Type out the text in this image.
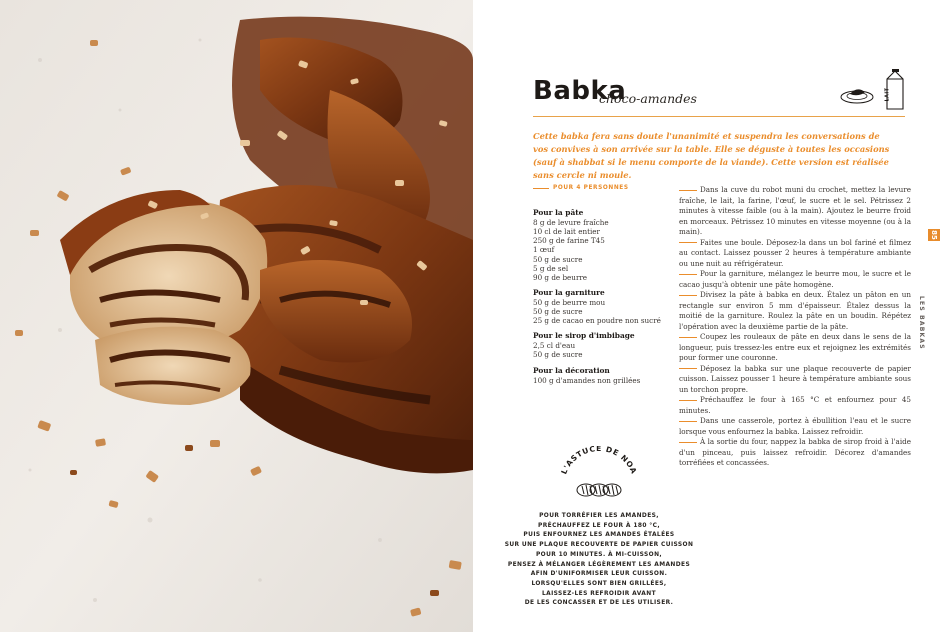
Babka
choco-amandes	LAIT
Cette babka fera sans doute l'unanimité et suspendra les conversations de vos convives à son arrivée sur la table. Elle se déguste à toutes les occasions (sauf à shabbat si le menu comporte de la viande). Cette version est réalisée sans cercle ni moule.
POUR 4 PERSONNES
Pour la pâte
8 g de levure fraîche
10 cl de lait entier
250 g de farine T45
1 œuf
50 g de sucre
5 g de sel
90 g de beurre
Pour la garniture
50 g de beurre mou
50 g de sucre
25 g de cacao en poudre non sucré
Pour le sirop d'imbibage
2,5 cl d'eau
50 g de sucre
Pour la décoration
100 g d'amandes non grillées

Dans la cuve du robot muni du crochet, mettez la levure fraîche, le lait, la farine, l'œuf, le sucre et le sel. Pétrissez 2 minutes à vitesse faible (ou à la main). Ajoutez le beurre froid en morceaux. Pétrissez 10 minutes en vitesse moyenne (ou à la main).

Faites une boule. Déposez-la dans un bol fariné et filmez au contact. Laissez pousser 2 heures à température ambiante ou une nuit au réfrigérateur.

Pour la garniture, mélangez le beurre mou, le sucre et le cacao jusqu'à obtenir une pâte homogène.

Divisez la pâte à babka en deux. Étalez un pâton en un rectangle sur environ 5 mm d'épaisseur. Étalez dessus la moitié de la garniture. Roulez la pâte en un boudin. Répétez l'opération avec la deuxième partie de la pâte.

Coupez les rouleaux de pâte en deux dans le sens de la longueur, puis tressez-les entre eux et rejoignez les extrémités pour former une couronne.

Déposez la babka sur une plaque recouverte de papier cuisson. Laissez pousser 1 heure à température ambiante sous un torchon propre.

Préchauffez le four à 165 °C et enfournez pour 45 minutes.

Dans une casserole, portez à ébullition l'eau et le sucre lorsque vous enfournez la babka. Laissez refroidir.

À la sortie du four, nappez la babka de sirop froid à l'aide d'un pinceau, puis laissez refroidir. Décorez d'amandes torréfiées et concassées.

L'ASTUCE DE NOA
POUR TORRÉFIER LES AMANDES,
PRÉCHAUFFEZ LE FOUR À 180 °C,
PUIS ENFOURNEZ LES AMANDES ÉTALÉES
SUR UNE PLAQUE RECOUVERTE DE PAPIER CUISSON
POUR 10 MINUTES. À MI-CUISSON,
PENSEZ À MÉLANGER LÉGÈREMENT LES AMANDES
AFIN D'UNIFORMISER LEUR CUISSON.
LORSQU'ELLES SONT BIEN GRILLÉES,
LAISSEZ-LES REFROIDIR AVANT
DE LES CONCASSER ET DE LES UTILISER.
85
LES BABKAS
